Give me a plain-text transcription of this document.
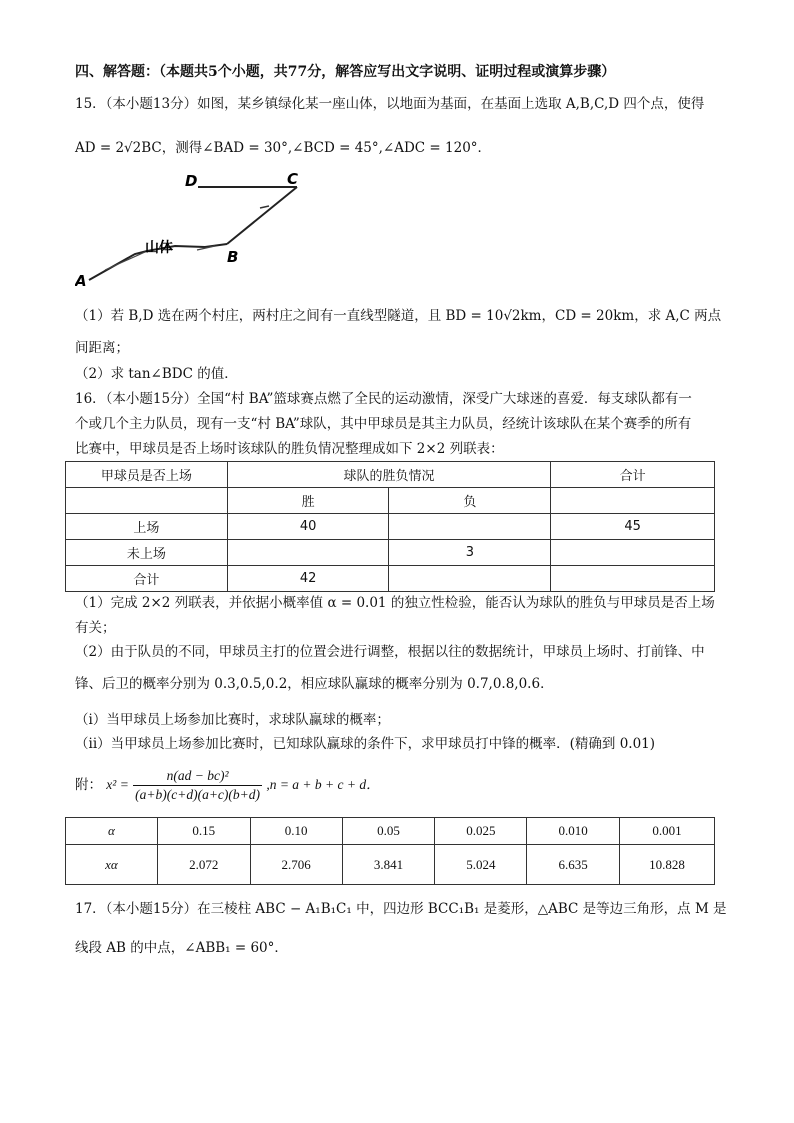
四、解答题：（本题共5个小题，共77分，解答应写出文字说明、证明过程或演算步骤）
15．（本小题13分）如图，某乡镇绿化某一座山体，以地面为基面，在基面上选取 A,B,C,D 四个点，使得
AD = 2√2BC，测得∠BAD = 30°,∠BCD = 45°,∠ADC = 120°．
D	C
A
B
山体
（1）若 B,D 选在两个村庄，两村庄之间有一直线型隧道，且 BD = 10√2km，CD = 20km，求 A,C 两点
间距离；
（2）求 tan∠BDC 的值．
16．（本小题15分）全国“村 BA”篮球赛点燃了全民的运动激情，深受广大球迷的喜爱．每支球队都有一
个或几个主力队员，现有一支“村 BA”球队，其中甲球员是其主力队员，经统计该球队在某个赛季的所有
比赛中，甲球员是否上场时该球队的胜负情况整理成如下 2×2 列联表：
甲球员是否上场	球队的胜负情况		合计
	胜	负	
上场	40		45
未上场		3	
合计	42		
（1）完成 2×2 列联表，并依据小概率值 α = 0.01 的独立性检验，能否认为球队的胜负与甲球员是否上场
有关；
（2）由于队员的不同，甲球员主打的位置会进行调整，根据以往的数据统计，甲球员上场时、打前锋、中
锋、后卫的概率分别为 0.3,0.5,0.2，相应球队赢球的概率分别为 0.7,0.8,0.6．
（i）当甲球员上场参加比赛时，求球队赢球的概率；
（ii）当甲球员上场参加比赛时，已知球队赢球的条件下，求甲球员打中锋的概率．(精确到 0.01)
附： $x^2 = \frac{\text{n(ad − bc)²}}{(a+b)(c+d)(a+c)(b+d)} ,n = a + b + c + d$．
α	0.15	0.10	0.05	0.025	0.010	0.001
xα	2.072	2.706	3.841	5.024	6.635	10.828
17．（本小题15分）在三棱柱 ABC − A₁B₁C₁ 中，四边形 BCC₁B₁ 是菱形，△ABC 是等边三角形，点 M 是
线段 AB 的中点，∠ABB₁ = 60°．
